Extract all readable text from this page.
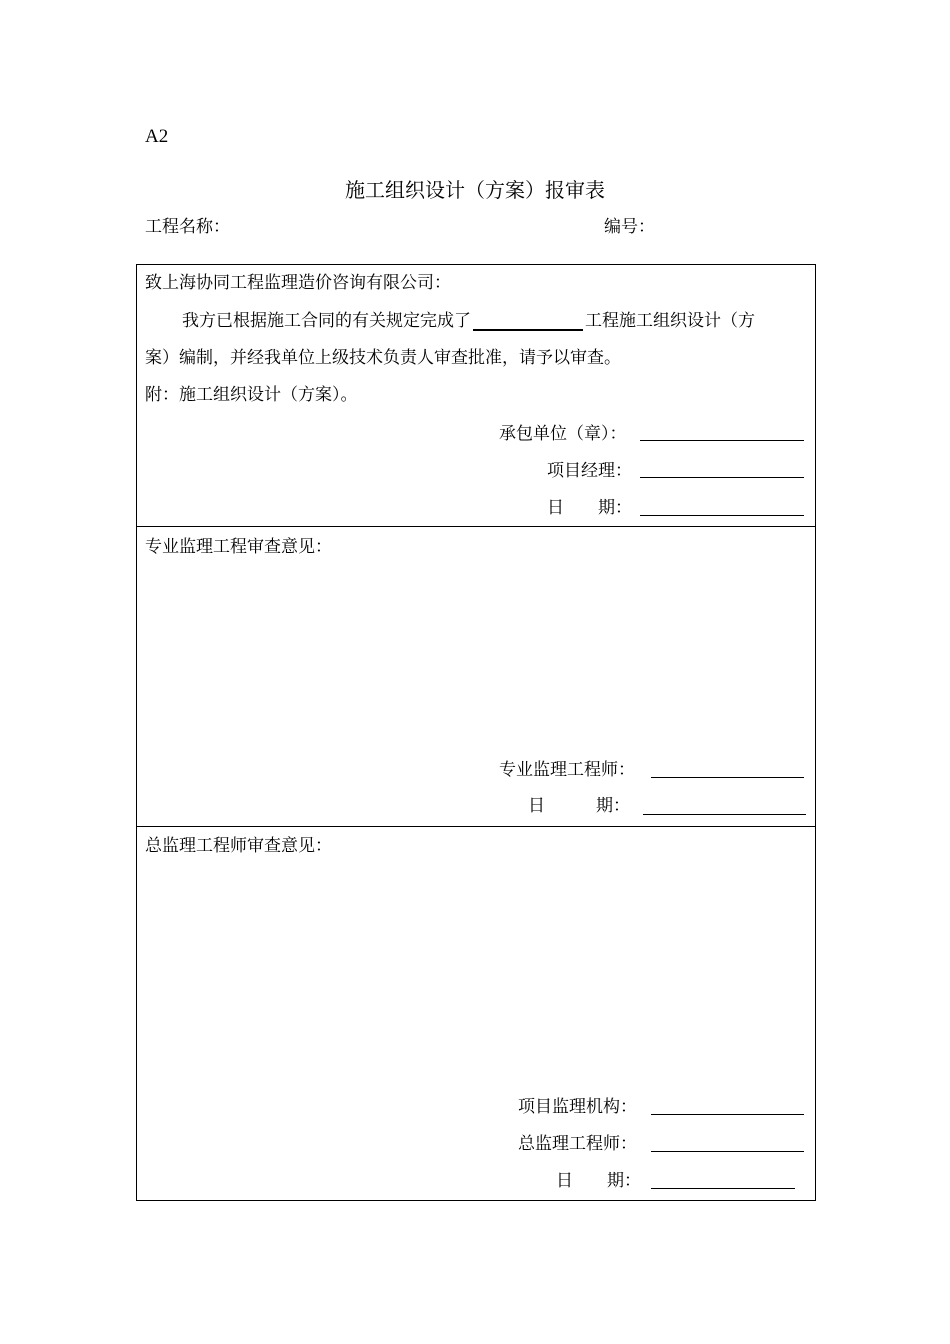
A2
施工组织设计（方案）报审表
工程名称：	编号：
致上海协同工程监理造价咨询有限公司：
我方已根据施工合同的有关规定完成了	工程施工组织设计（方
案）编制，并经我单位上级技术负责人审查批准，请予以审查。
附：施工组织设计（方案）。
承包单位（章）：
项目经理：
日　　期：
专业监理工程审查意见：
专业监理工程师：
日　　　期：
总监理工程师审查意见：
项目监理机构：
总监理工程师：
日　　期：
